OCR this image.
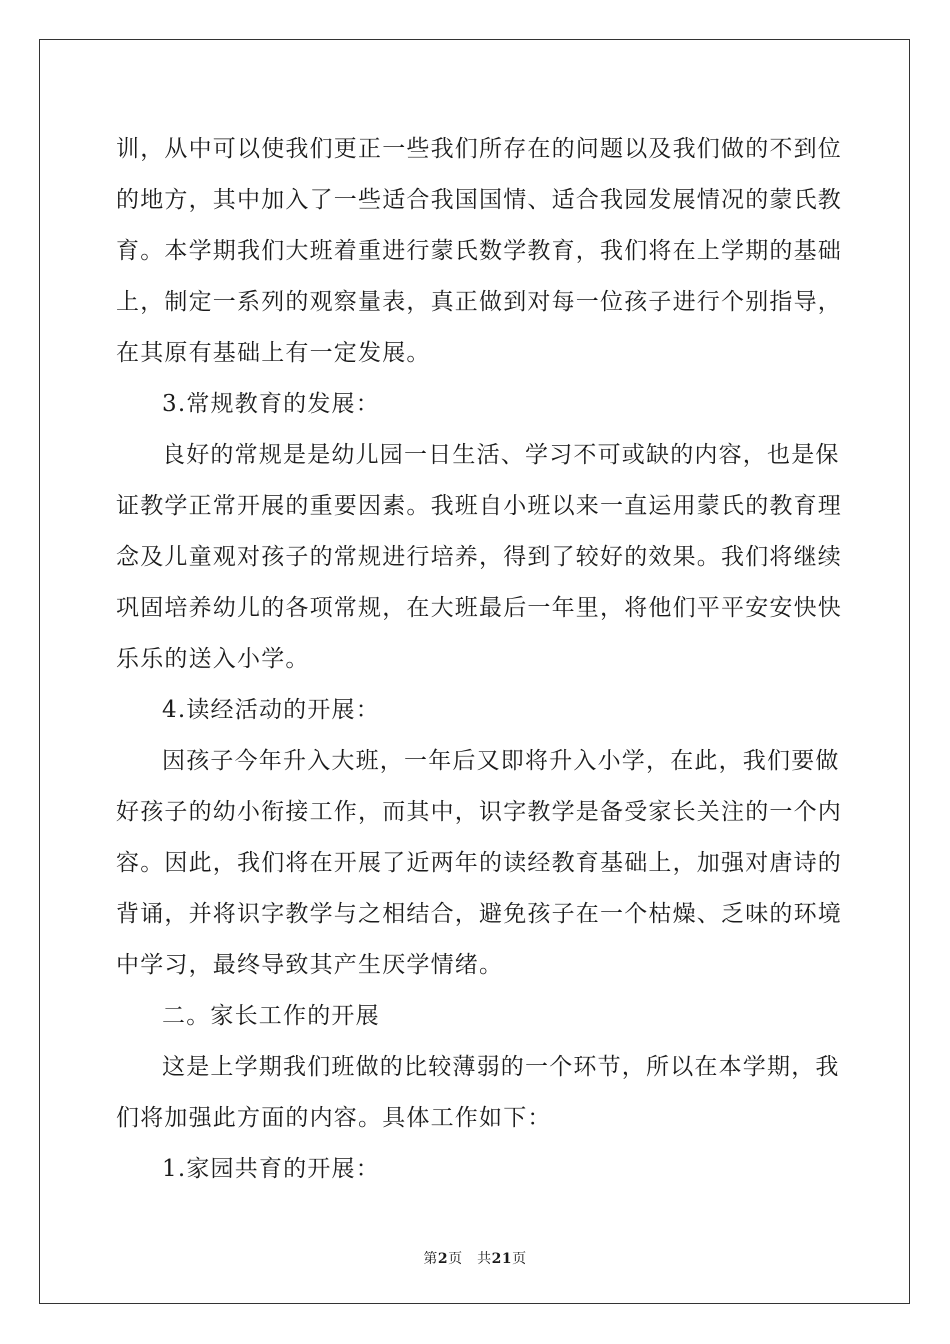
训，从中可以使我们更正一些我们所存在的问题以及我们做的不到位
的地方，其中加入了一些适合我国国情、适合我园发展情况的蒙氏教
育。本学期我们大班着重进行蒙氏数学教育，我们将在上学期的基础
上，制定一系列的观察量表，真正做到对每一位孩子进行个别指导，
在其原有基础上有一定发展。
3.常规教育的发展：
良好的常规是是幼儿园一日生活、学习不可或缺的内容，也是保
证教学正常开展的重要因素。我班自小班以来一直运用蒙氏的教育理
念及儿童观对孩子的常规进行培养，得到了较好的效果。我们将继续
巩固培养幼儿的各项常规，在大班最后一年里，将他们平平安安快快
乐乐的送入小学。
4.读经活动的开展：
因孩子今年升入大班，一年后又即将升入小学，在此，我们要做
好孩子的幼小衔接工作，而其中，识字教学是备受家长关注的一个内
容。因此，我们将在开展了近两年的读经教育基础上，加强对唐诗的
背诵，并将识字教学与之相结合，避免孩子在一个枯燥、乏味的环境
中学习，最终导致其产生厌学情绪。
二。家长工作的开展
这是上学期我们班做的比较薄弱的一个环节，所以在本学期，我
们将加强此方面的内容。具体工作如下：
1.家园共育的开展：
第2页　共21页
